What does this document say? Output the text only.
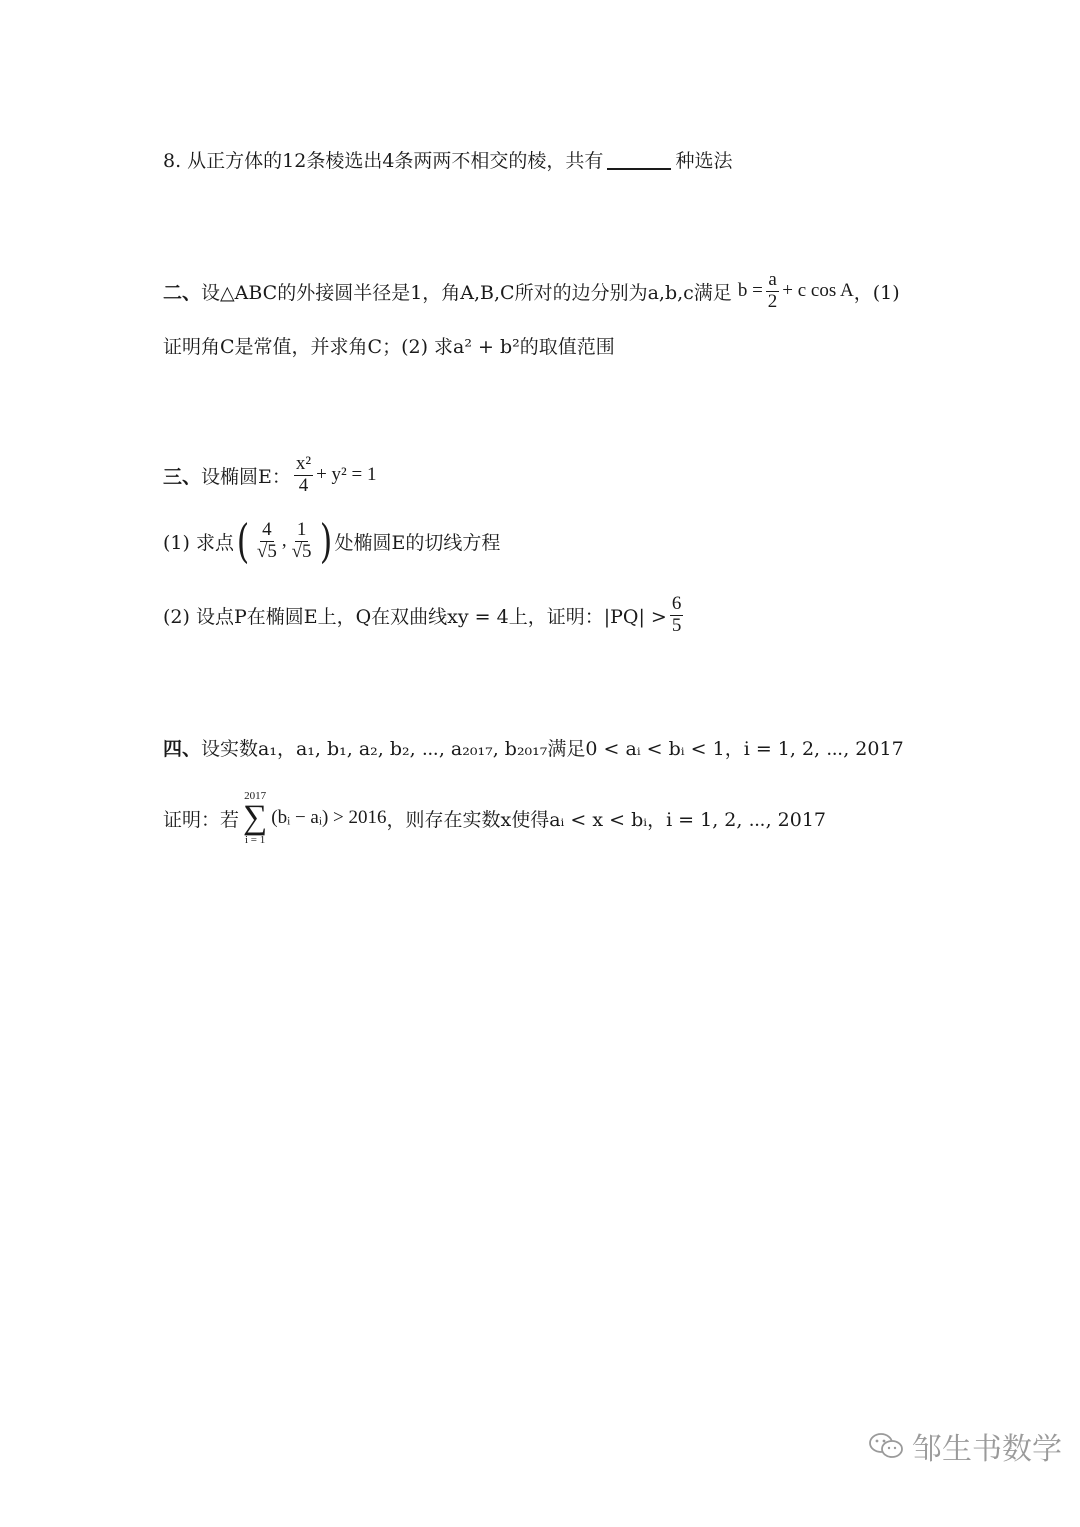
8. 从正方体的12条棱选出4条两两不相交的棱，共有	种选法
二、 设△ABC的外接圆半径是1，角A,B,C所对的边分别为a,b,c满足 $b = \frac{a}{2} + c$ cos A ，(1)
证明角C是常值，并求角C；(2) 求a² + b²的取值范围
三、 设椭圆E： $\frac{\text{x²}}{4} + y^2 = 1$
(1) 求点 ( $\frac{4}{√5}$ , $\frac{1}{√5}$ ) 处椭圆E的切线方程
(2) 设点P在椭圆E上，Q在双曲线xy = 4上，证明：$|PQ| > \frac{6}{5}$
四、 设实数a₁，a₁, b₁, a₂, b₂, ⋯, a₂₀₁₇, b₂₀₁₇满足0 < aᵢ < bᵢ < 1，i = 1, 2, ⋯, 2017
证明：若
2017
∑
i = 1
(bᵢ − aᵢ) > 2016 ，则存在实数x使得aᵢ < x < bᵢ，i = 1, 2, ⋯, 2017
邹生书数学
